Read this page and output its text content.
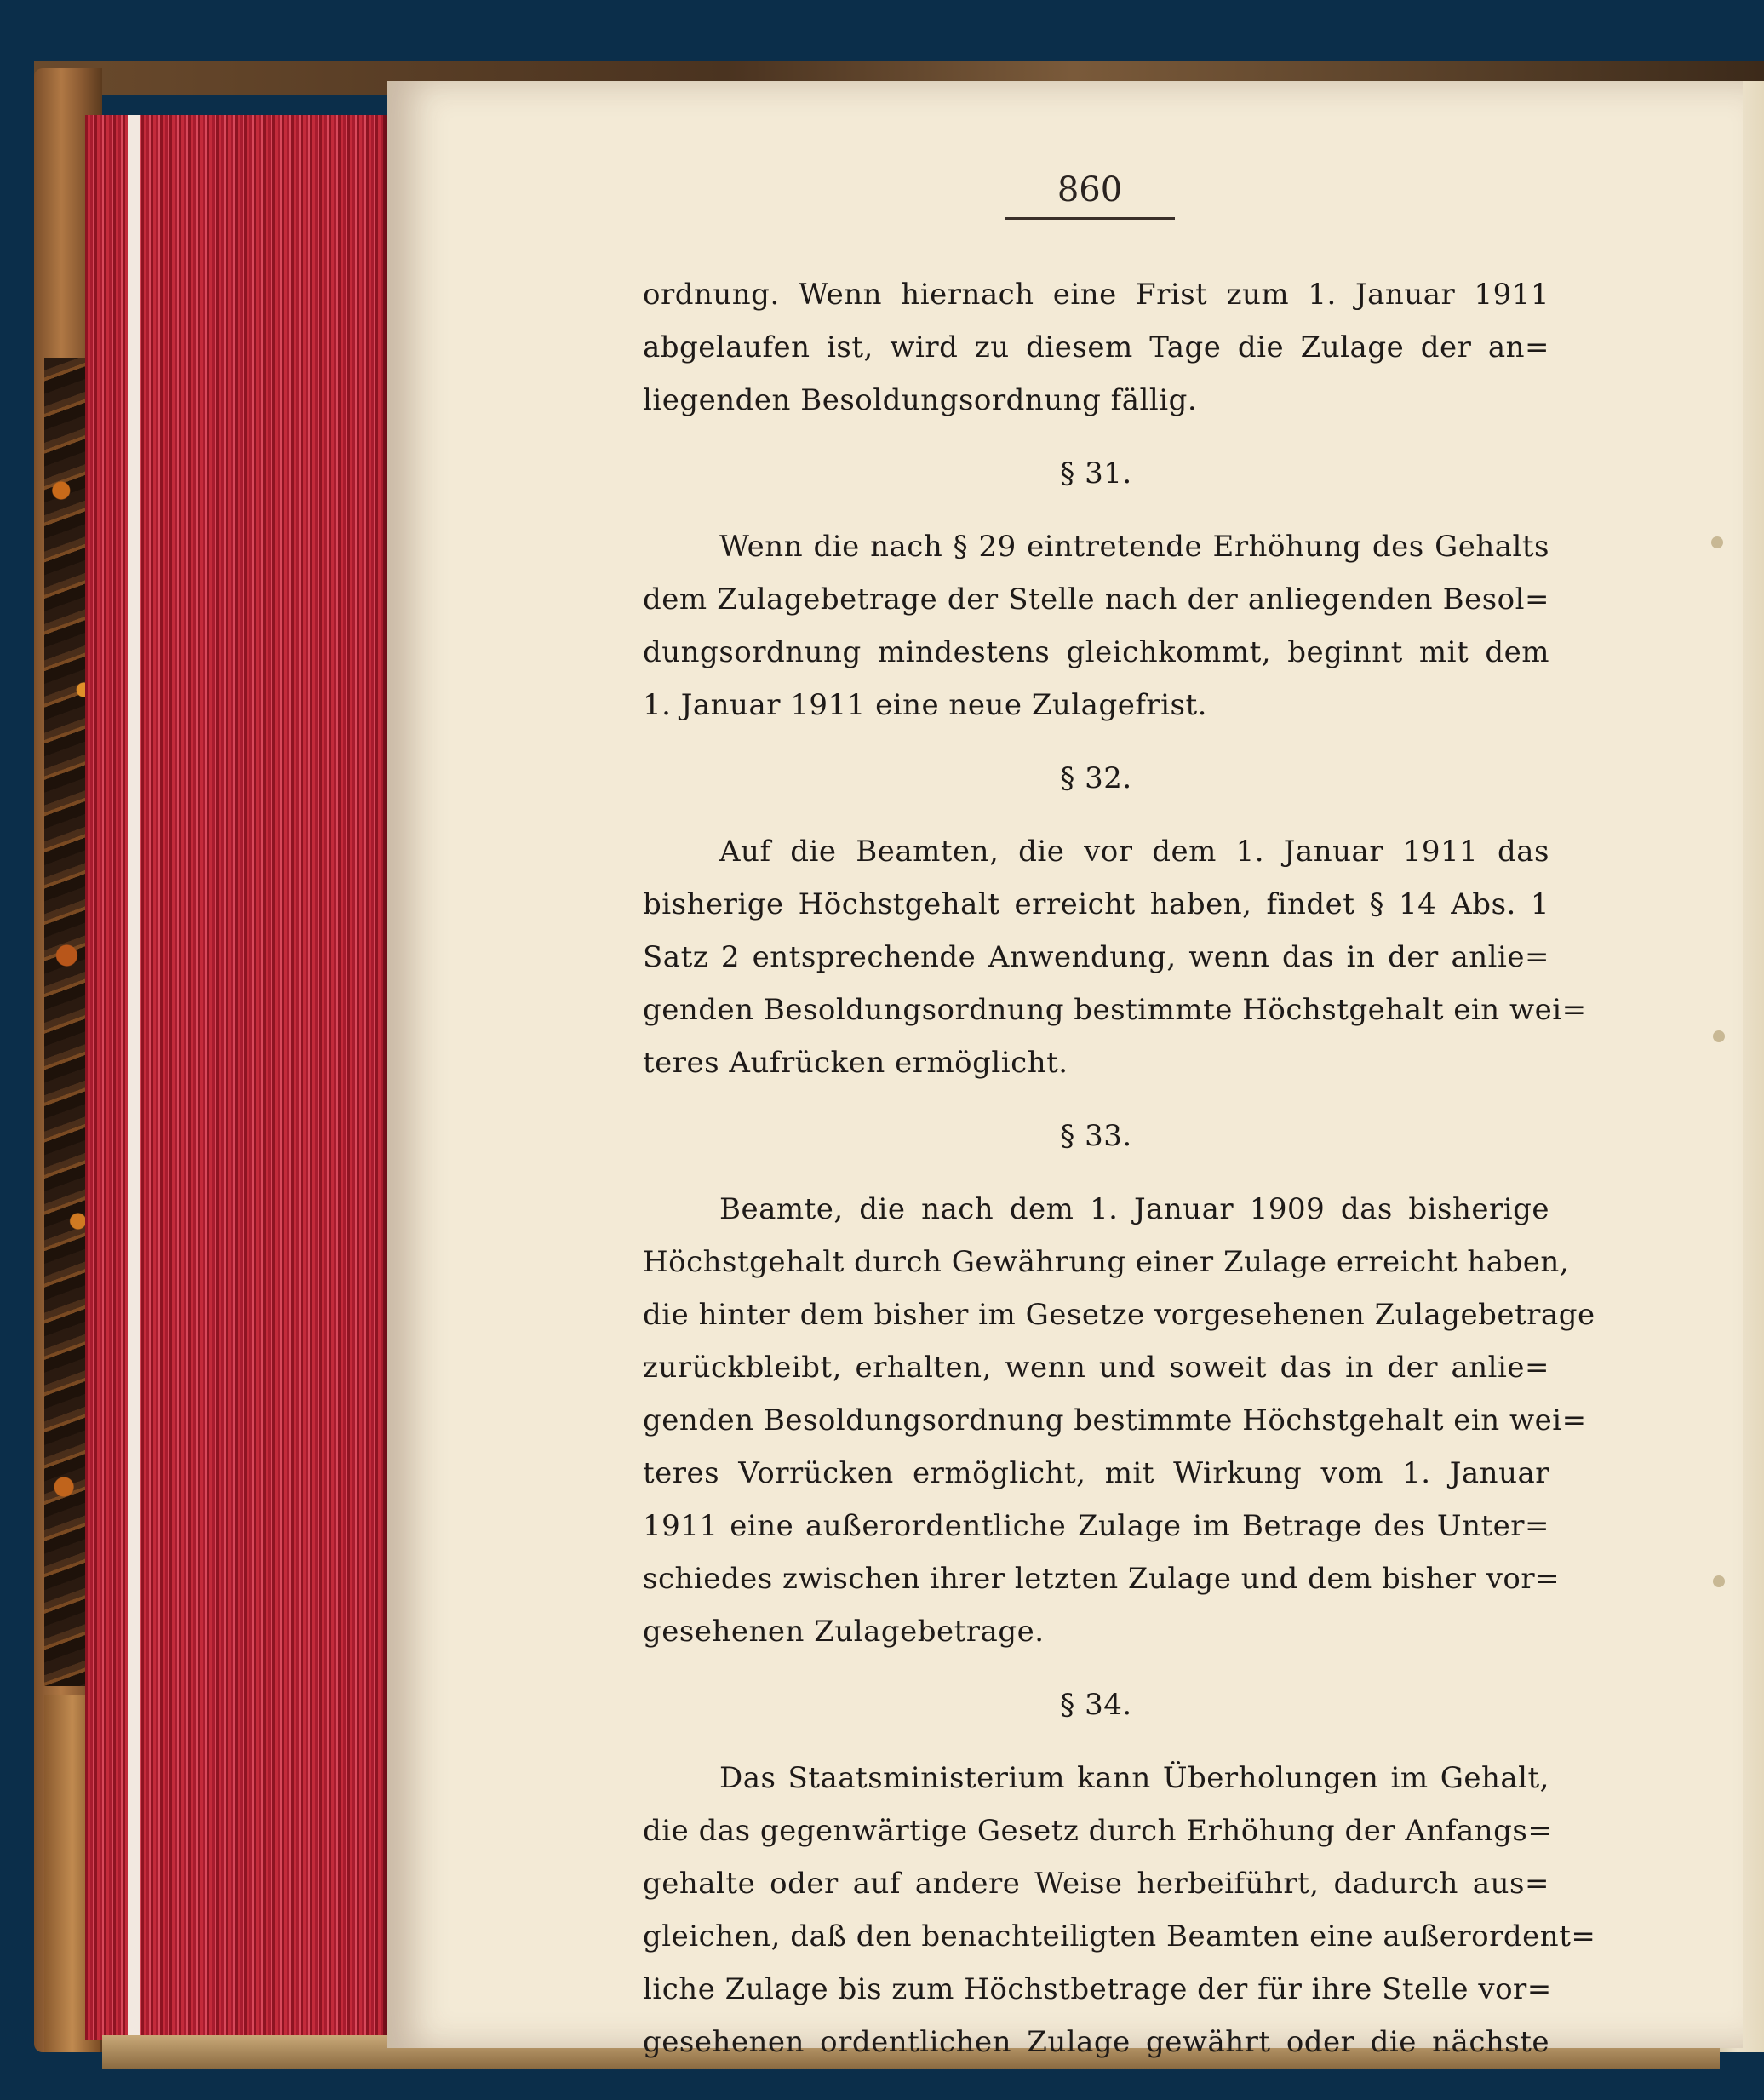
860
ordnung. Wenn hiernach eine Frist zum 1. Januar 1911
abgelaufen ist, wird zu diesem Tage die Zulage der an=
liegenden Besoldungsordnung fällig.
§ 31.
Wenn die nach § 29 eintretende Erhöhung des Gehalts
dem Zulagebetrage der Stelle nach der anliegenden Besol=
dungsordnung mindestens gleichkommt, beginnt mit dem
1. Januar 1911 eine neue Zulagefrist.
§ 32.
Auf die Beamten, die vor dem 1. Januar 1911 das
bisherige Höchstgehalt erreicht haben, findet § 14 Abs. 1
Satz 2 entsprechende Anwendung, wenn das in der anlie=
genden Besoldungsordnung bestimmte Höchstgehalt ein wei=
teres Aufrücken ermöglicht.
§ 33.
Beamte, die nach dem 1. Januar 1909 das bisherige
Höchstgehalt durch Gewährung einer Zulage erreicht haben,
die hinter dem bisher im Gesetze vorgesehenen Zulagebetrage
zurückbleibt, erhalten, wenn und soweit das in der anlie=
genden Besoldungsordnung bestimmte Höchstgehalt ein wei=
teres Vorrücken ermöglicht, mit Wirkung vom 1. Januar
1911 eine außerordentliche Zulage im Betrage des Unter=
schiedes zwischen ihrer letzten Zulage und dem bisher vor=
gesehenen Zulagebetrage.
§ 34.
Das Staatsministerium kann Überholungen im Gehalt,
die das gegenwärtige Gesetz durch Erhöhung der Anfangs=
gehalte oder auf andere Weise herbeiführt, dadurch aus=
gleichen, daß den benachteiligten Beamten eine außerordent=
liche Zulage bis zum Höchstbetrage der für ihre Stelle vor=
gesehenen ordentlichen Zulage gewährt oder die nächste
